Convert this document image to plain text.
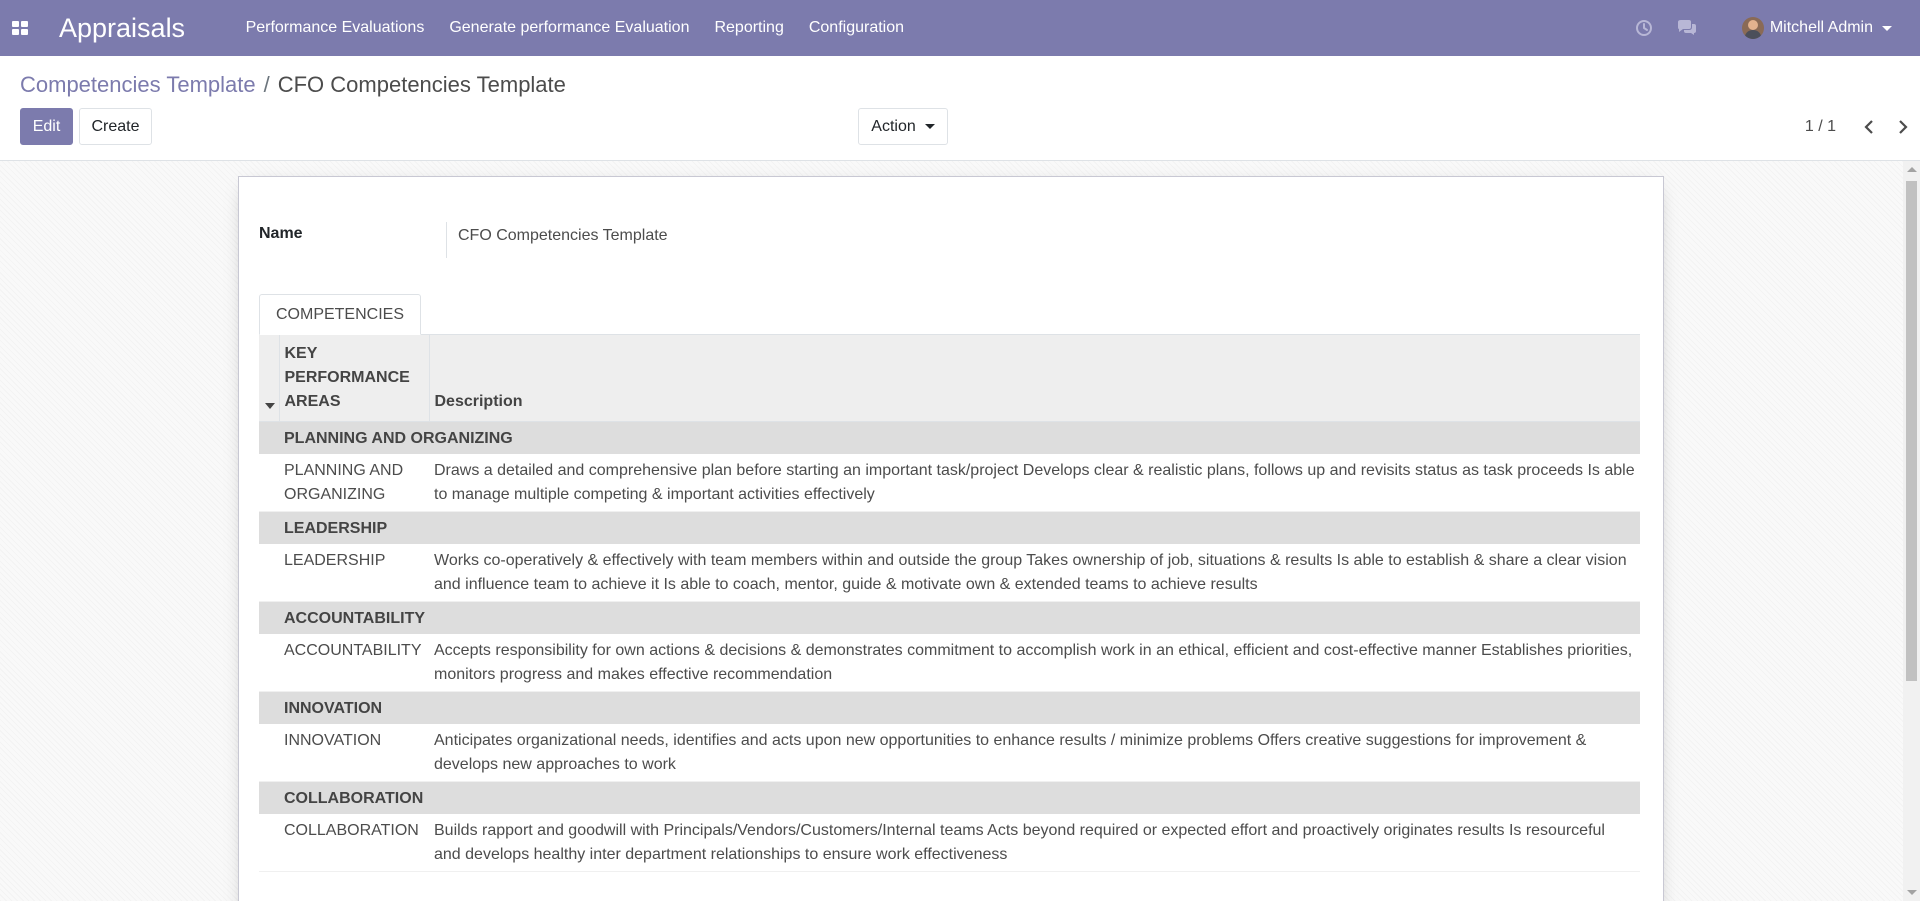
Appraisals	Performance Evaluations	Generate performance Evaluation	Reporting	Configuration	Mitchell Admin
Competencies Template / CFO Competencies Template
Edit	Create	Action	1 / 1
Name	CFO Competencies Template
COMPETENCIES
	KEY PERFORMANCE AREAS	Description
	PLANNING AND ORGANIZING	
	PLANNING AND ORGANIZING	Draws a detailed and comprehensive plan before starting an important task/project Develops clear & realistic plans, follows up and revisits status as task proceeds Is able to manage multiple competing & important activities effectively
	LEADERSHIP	
	LEADERSHIP	Works co-operatively & effectively with team members within and outside the group Takes ownership of job, situations & results Is able to establish & share a clear vision and influence team to achieve it Is able to coach, mentor, guide & motivate own & extended teams to achieve results
	ACCOUNTABILITY	
	ACCOUNTABILITY	Accepts responsibility for own actions & decisions & demonstrates commitment to accomplish work in an ethical, efficient and cost-effective manner Establishes priorities, monitors progress and makes effective recommendation
	INNOVATION	
	INNOVATION	Anticipates organizational needs, identifies and acts upon new opportunities to enhance results / minimize problems Offers creative suggestions for improvement & develops new approaches to work
	COLLABORATION	
	COLLABORATION	Builds rapport and goodwill with Principals/Vendors/Customers/Internal teams Acts beyond required or expected effort and proactively originates results Is resourceful and develops healthy inter department relationships to ensure work effectiveness
